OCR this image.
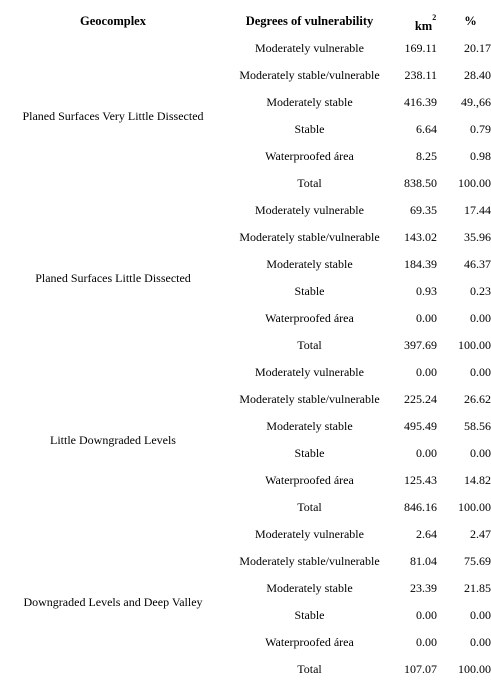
Geocomplex	Degrees of vulnerability	$km^2$	%
Planed Surfaces Very Little Dissected	Moderately vulnerable	169.11	20.17
	Moderately stable/vulnerable	238.11	28.40
	Moderately stable	416.39	49.,66
	Stable	6.64	0.79
	Waterproofed área	8.25	0.98
	Total	838.50	100.00
Planed Surfaces Little Dissected	Moderately vulnerable	69.35	17.44
	Moderately stable/vulnerable	143.02	35.96
	Moderately stable	184.39	46.37
	Stable	0.93	0.23
	Waterproofed área	0.00	0.00
	Total	397.69	100.00
Little Downgraded Levels	Moderately vulnerable	0.00	0.00
	Moderately stable/vulnerable	225.24	26.62
	Moderately stable	495.49	58.56
	Stable	0.00	0.00
	Waterproofed área	125.43	14.82
	Total	846.16	100.00
Downgraded Levels and Deep Valley	Moderately vulnerable	2.64	2.47
	Moderately stable/vulnerable	81.04	75.69
	Moderately stable	23.39	21.85
	Stable	0.00	0.00
	Waterproofed área	0.00	0.00
	Total	107.07	100.00
